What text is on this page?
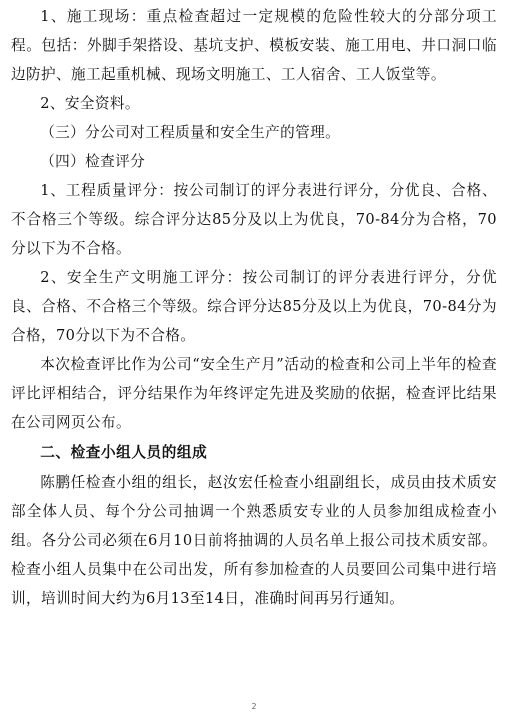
1、施工现场：重点检查超过一定规模的危险性较大的分部分项工程。包括：外脚手架搭设、基坑支护、模板安装、施工用电、井口洞口临边防护、施工起重机械、现场文明施工、工人宿舍、工人饭堂等。

2、安全资料。

（三）分公司对工程质量和安全生产的管理。

（四）检查评分

1、工程质量评分：按公司制订的评分表进行评分，分优良、合格、不合格三个等级。综合评分达85分及以上为优良，70-84分为合格，70分以下为不合格。

2、安全生产文明施工评分：按公司制订的评分表进行评分，分优良、合格、不合格三个等级。综合评分达85分及以上为优良，70-84分为合格，70分以下为不合格。

本次检查评比作为公司“安全生产月”活动的检查和公司上半年的检查评比评相结合，评分结果作为年终评定先进及奖励的依据，检查评比结果在公司网页公布。

二、检查小组人员的组成

陈鹏任检查小组的组长，赵汝宏任检查小组副组长，成员由技术质安部全体人员、每个分公司抽调一个熟悉质安专业的人员参加组成检查小组。各分公司必须在6月10日前将抽调的人员名单上报公司技术质安部。检查小组人员集中在公司出发，所有参加检查的人员要回公司集中进行培训，培训时间大约为6月13至14日，准确时间再另行通知。

2
